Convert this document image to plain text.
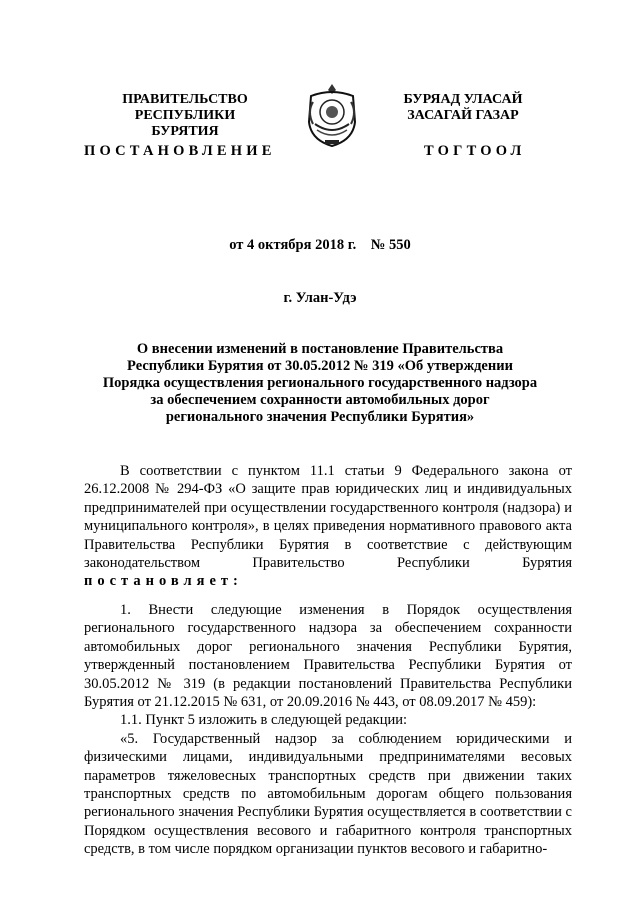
ПРАВИТЕЛЬСТВО
РЕСПУБЛИКИ БУРЯТИЯ
БУРЯАД УЛАСАЙ
ЗАСАГАЙ ГАЗАР
ПОСТАНОВЛЕНИЕ	ТОГТООЛ
от 4 октября 2018 г.    № 550
г. Улан-Удэ
О внесении изменений в постановление Правительства
Республики Бурятия от 30.05.2012 № 319 «Об утверждении
Порядка осуществления регионального государственного надзора
за обеспечением сохранности автомобильных дорог
регионального значения Республики Бурятия»

В соответствии с пунктом 11.1 статьи 9 Федерального закона от 26.12.2008 № 294-ФЗ «О защите прав юридических лиц и индивидуальных предпринимателей при осуществлении государственного контроля (надзора) и муниципального контроля», в целях приведения нормативного правового акта Правительства Республики Бурятия в соответствие с действующим законодательством Правительство Республики Бурятия постановляет:

1. Внести следующие изменения в Порядок осуществления регионального государственного надзора за обеспечением сохранности автомобильных дорог регионального значения Республики Бурятия, утвержденный постановлением Правительства Республики Бурятия от 30.05.2012 № 319 (в редакции постановлений Правительства Республики Бурятия от 21.12.2015 № 631, от 20.09.2016 № 443, от 08.09.2017 № 459):

1.1. Пункт 5 изложить в следующей редакции:

«5. Государственный надзор за соблюдением юридическими и физическими лицами, индивидуальными предпринимателями весовых параметров тяжеловесных транспортных средств при движении таких транспортных средств по автомобильным дорогам общего пользования регионального значения Республики Бурятия осуществляется в соответствии с Порядком осуществления весового и габаритного контроля транспортных средств, в том числе порядком организации пунктов весового и габаритно-
